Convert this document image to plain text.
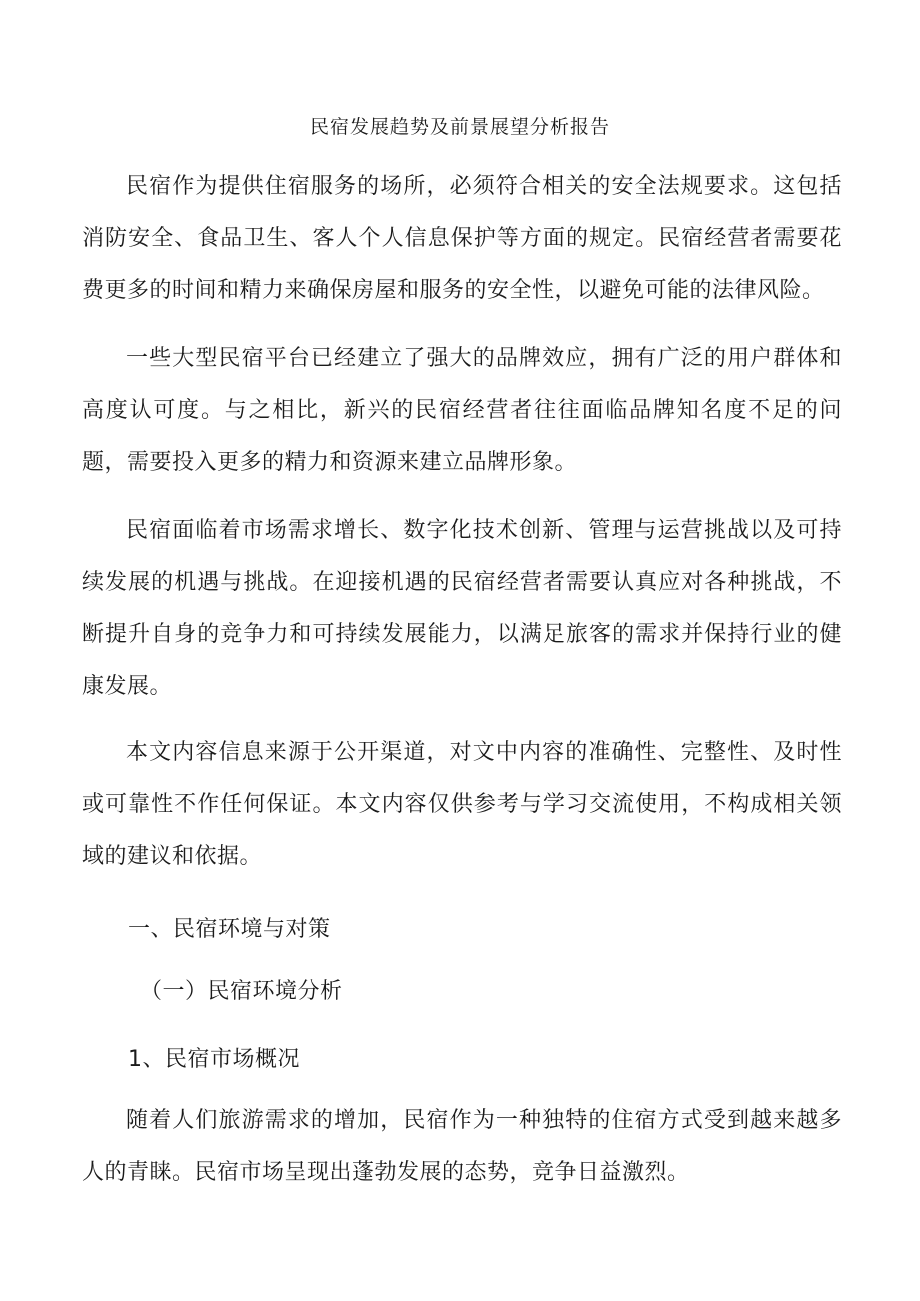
民宿发展趋势及前景展望分析报告

民宿作为提供住宿服务的场所，必须符合相关的安全法规要求。这包括消防安全、食品卫生、客人个人信息保护等方面的规定。民宿经营者需要花费更多的时间和精力来确保房屋和服务的安全性，以避免可能的法律风险。

一些大型民宿平台已经建立了强大的品牌效应，拥有广泛的用户群体和高度认可度。与之相比，新兴的民宿经营者往往面临品牌知名度不足的问题，需要投入更多的精力和资源来建立品牌形象。

民宿面临着市场需求增长、数字化技术创新、管理与运营挑战以及可持续发展的机遇与挑战。在迎接机遇的民宿经营者需要认真应对各种挑战，不断提升自身的竞争力和可持续发展能力，以满足旅客的需求并保持行业的健康发展。

本文内容信息来源于公开渠道，对文中内容的准确性、完整性、及时性或可靠性不作任何保证。本文内容仅供参考与学习交流使用，不构成相关领域的建议和依据。

一、民宿环境与对策
（一）民宿环境分析
1、民宿市场概况

随着人们旅游需求的增加，民宿作为一种独特的住宿方式受到越来越多人的青睐。民宿市场呈现出蓬勃发展的态势，竞争日益激烈。
